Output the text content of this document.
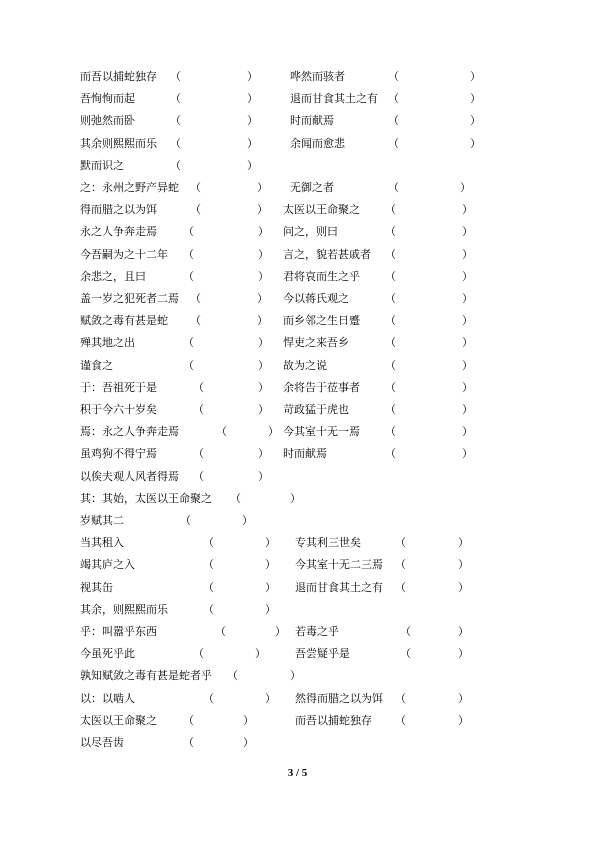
而吾以捕蛇独存 （	）	哗然而骇者	（	）
吾恂恂而起	（	）	退而甘食其土之有 （	）
则弛然而卧	（	）	时而献焉	（	）
其余则熙熙而乐 （	）	余闻而愈悲	（	）
默而识之	（	）
之：永州之野产异蛇 （	） 无御之者	（	）
得而腊之以为饵	（	） 太医以王命聚之 （	）
永之人争奔走焉 （	） 问之，则曰	（	）
今吾嗣为之十二年 （	） 言之，貌若甚戚者 （	）
余悲之，且曰	（	） 君将哀而生之乎 （	）
盖一岁之犯死者二焉 （	） 今以蒋氏观之	（	）
赋敛之毒有甚是蛇 （	） 而乡邻之生日蹙 （	）
殚其地之出	（	） 悍吏之来吾乡	（	）
谨食之	（	） 故为之说	（	）
于：吾祖死于是	（	） 余将告于莅事者 （	）
积于今六十岁矣	（	） 苛政猛于虎也	（	）
焉：永之人争奔走焉	（	） 今其室十无一焉 （	）
虽鸡狗不得宁焉	（	） 时而献焉	（	）
以俟夫观人风者得焉 （	）
其：其始，太医以王命聚之 （	）
岁赋其二	（	）
当其租入	（	） 专其利三世矣	（	）
竭其庐之入	（	） 今其室十无二三焉 （	）
视其缶	（	） 退而甘食其土之有 （	）
其余，则熙熙而乐	（	）
乎：叫嚣乎东西	（	） 若毒之乎	（	）
今虽死乎此	（	）	吾尝疑乎是	（	）
孰知赋敛之毒有甚是蛇者乎 （	）
以：以啮人	（	） 然得而腊之以为饵 （	）
太医以王命聚之 （	）	而吾以捕蛇独存 （	）
以尽吾齿	（	）
3 / 5
